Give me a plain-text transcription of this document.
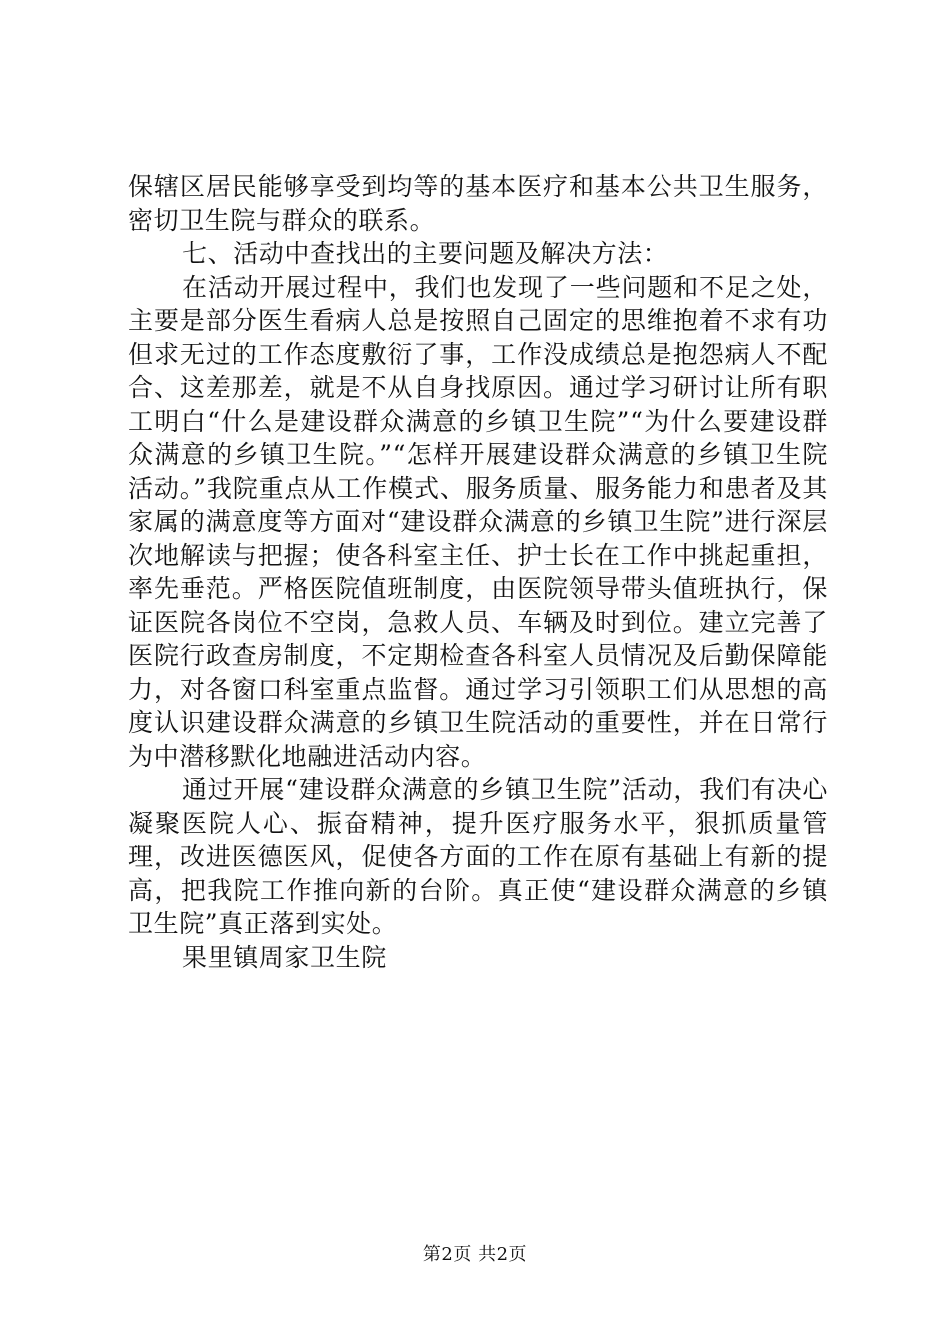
保辖区居民能够享受到均等的基本医疗和基本公共卫生服务，密切卫生院与群众的联系。

七、活动中查找出的主要问题及解决方法：

在活动开展过程中，我们也发现了一些问题和不足之处，主要是部分医生看病人总是按照自己固定的思维抱着不求有功但求无过的工作态度敷衍了事，工作没成绩总是抱怨病人不配合、这差那差，就是不从自身找原因。通过学习研讨让所有职工明白“什么是建设群众满意的乡镇卫生院”“为什么要建设群众满意的乡镇卫生院。”“怎样开展建设群众满意的乡镇卫生院活动。”我院重点从工作模式、服务质量、服务能力和患者及其家属的满意度等方面对“建设群众满意的乡镇卫生院”进行深层次地解读与把握；使各科室主任、护士长在工作中挑起重担，率先垂范。严格医院值班制度，由医院领导带头值班执行，保证医院各岗位不空岗，急救人员、车辆及时到位。建立完善了医院行政查房制度，不定期检查各科室人员情况及后勤保障能力，对各窗口科室重点监督。通过学习引领职工们从思想的高度认识建设群众满意的乡镇卫生院活动的重要性，并在日常行为中潜移默化地融进活动内容。

通过开展“建设群众满意的乡镇卫生院”活动，我们有决心凝聚医院人心、振奋精神，提升医疗服务水平，狠抓质量管理，改进医德医风，促使各方面的工作在原有基础上有新的提高，把我院工作推向新的台阶。真正使“建设群众满意的乡镇卫生院”真正落到实处。

果里镇周家卫生院

第2页 共2页
